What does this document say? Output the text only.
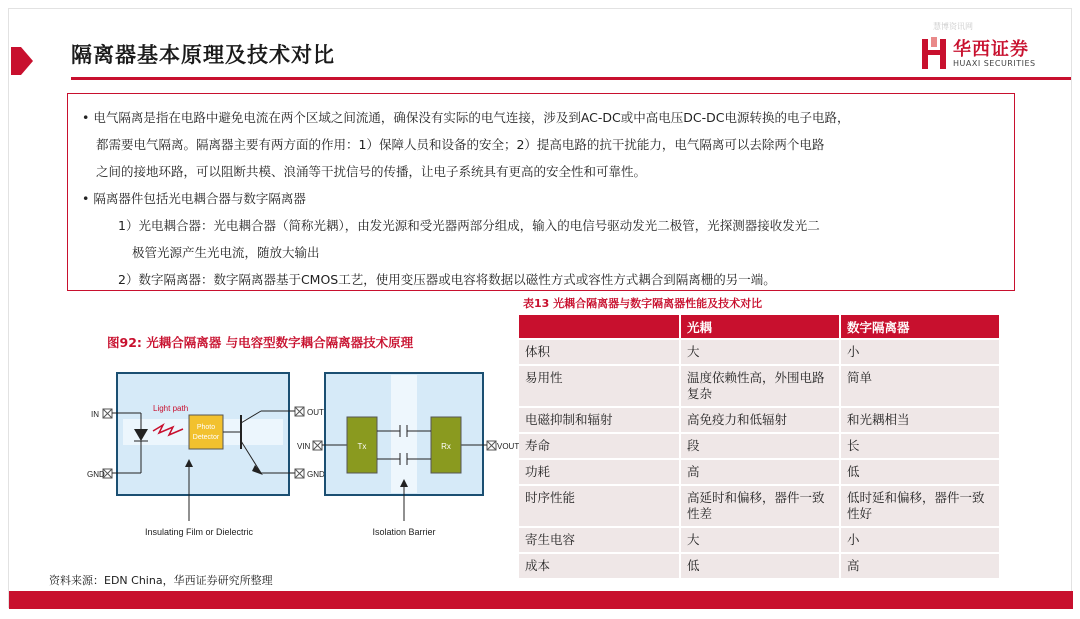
隔离器基本原理及技术对比
慧博资讯网
华西证券
HUAXI SECURITIES
• 电气隔离是指在电路中避免电流在两个区域之间流通，确保没有实际的电气连接，涉及到AC-DC或中高电压DC-DC电源转换的电子电路，
都需要电气隔离。隔离器主要有两方面的作用：1）保障人员和设备的安全；2）提高电路的抗干扰能力，电气隔离可以去除两个电路
之间的接地环路，可以阻断共模、浪涌等干扰信号的传播，让电子系统具有更高的安全性和可靠性。
• 隔离器件包括光电耦合器与数字隔离器
1）光电耦合器：光电耦合器（简称光耦），由发光源和受光器两部分组成，输入的电信号驱动发光二极管，光探测器接收发光二
极管光源产生光电流，随放大输出
2）数字隔离器：数字隔离器基于CMOS工艺，使用变压器或电容将数据以磁性方式或容性方式耦合到隔离栅的另一端。
图92: 光耦合隔离器 与电容型数字耦合隔离器技术原理
IN
GND
OUT
GND
Light path
Photo
Detector
Insulating Film or Dielectric
VIN	VOUT
Tx	Rx
Isolation Barrier
资料来源：EDN China，华西证券研究所整理
表13 光耦合隔离器与数字隔离器性能及技术对比
	光耦	数字隔离器
体积	大	小
易用性	温度依赖性高，外围电路复杂	简单
电磁抑制和辐射	高免疫力和低辐射	和光耦相当
寿命	段	长
功耗	高	低
时序性能	高延时和偏移，器件一致性差	低时延和偏移，器件一致性好
寄生电容	大	小
成本	低	高
